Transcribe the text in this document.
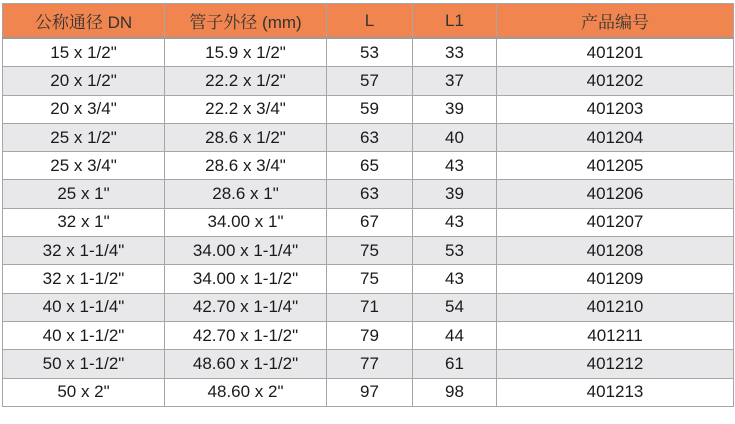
公称通径 DN	管子外径 (mm)	L	L1	产品编号
15 x 1/2"	15.9 x 1/2"	53	33	401201
20 x 1/2"	22.2 x 1/2"	57	37	401202
20 x 3/4"	22.2 x 3/4"	59	39	401203
25 x 1/2"	28.6 x 1/2"	63	40	401204
25 x 3/4"	28.6 x 3/4"	65	43	401205
25 x 1"	28.6 x 1"	63	39	401206
32 x 1"	34.00 x 1"	67	43	401207
32 x 1-1/4"	34.00 x 1-1/4"	75	53	401208
32 x 1-1/2"	34.00 x 1-1/2"	75	43	401209
40 x 1-1/4"	42.70 x 1-1/4"	71	54	401210
40 x 1-1/2"	42.70 x 1-1/2"	79	44	401211
50 x 1-1/2"	48.60 x 1-1/2"	77	61	401212
50 x 2"	48.60 x 2"	97	98	401213
